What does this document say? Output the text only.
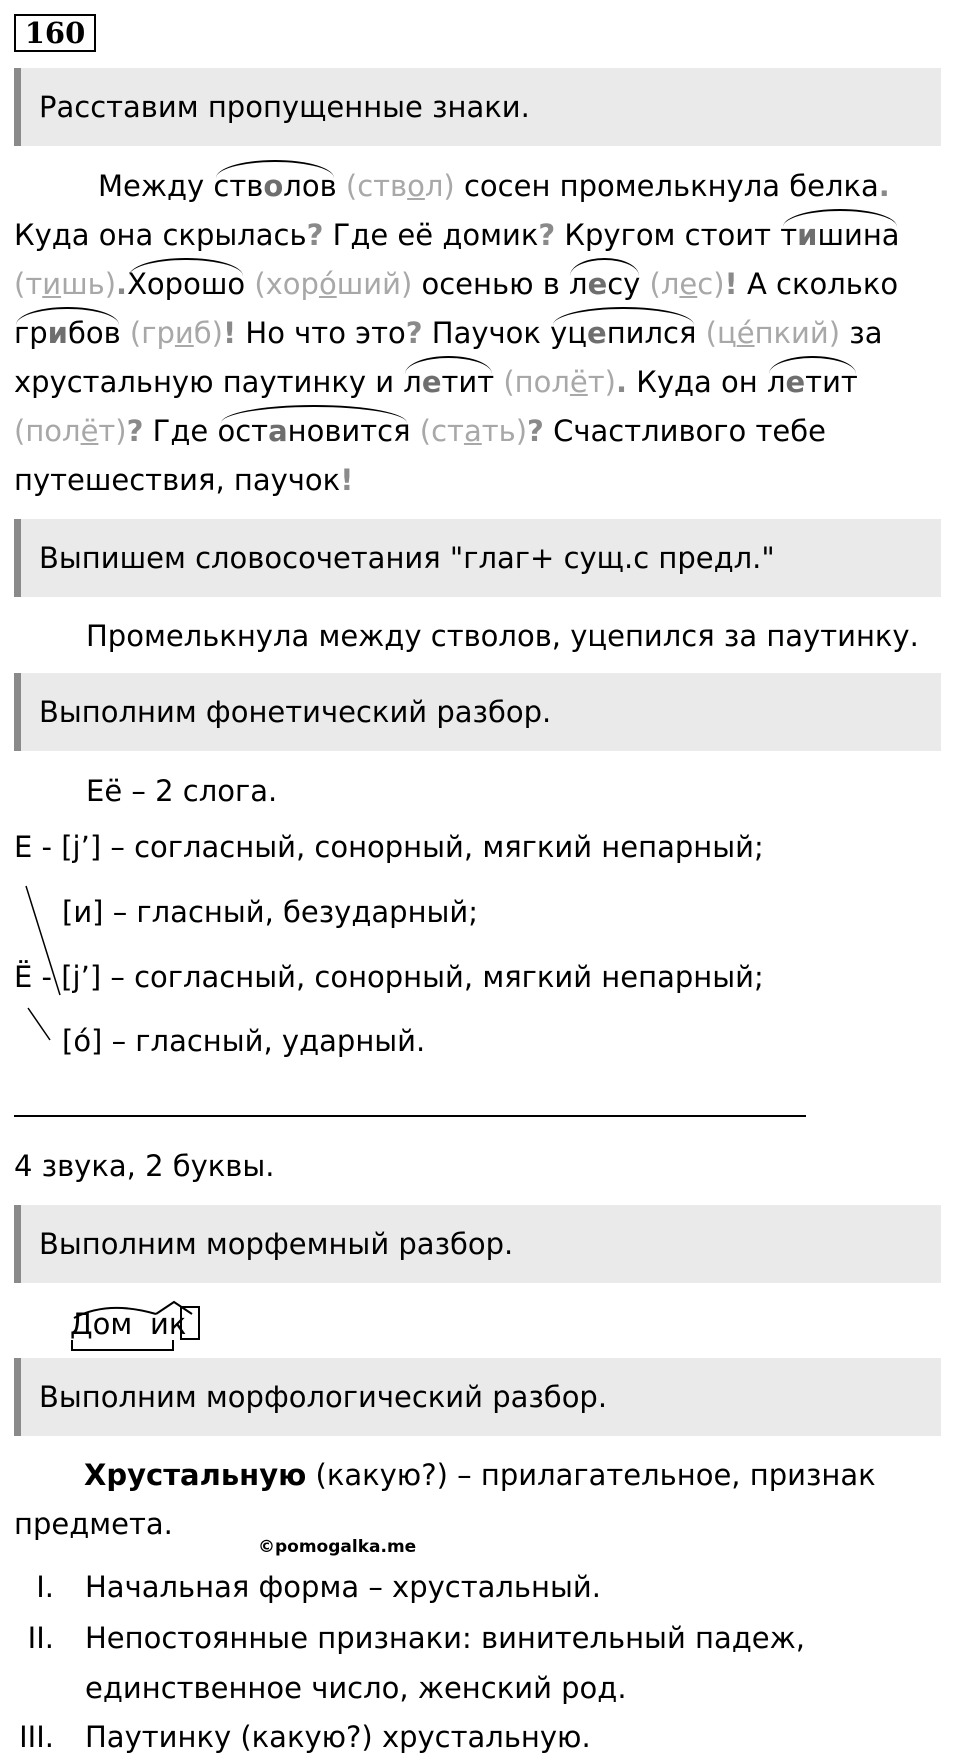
160
Расставим пропущенные знаки.
Между стволов (ствол) сосен промелькнула белка.
Куда она скрылась? Где её домик? Кругом стоит тишина
(тишь).Хорошо (хоро́ший) осенью в лесу (лес)! А сколько
грибов (гриб)! Но что это? Паучок уцепился (це́пкий) за
хрустальную паутинку и летит (полёт). Куда он летит
(полёт)? Где остановится (стать)? Счастливого тебе
путешествия, паучок!
Выпишем словосочетания "глаг+ сущ.с предл."
Промелькнула между стволов, уцепился за паутинку.
Выполним фонетический разбор.
Её – 2 слога.
Е - [j’] – согласный, сонорный, мягкий непарный;
[и] – гласный, безударный;
Ё - [j’] – согласный, сонорный, мягкий непарный;
[ó] – гласный, ударный.
4 звука, 2 буквы.
Выполним морфемный разбор.
Дом ик
Выполним морфологический разбор.
Хрустальную (какую?) – прилагательное, признак
предмета.
©pomogalka.me
I. Начальная форма – хрустальный.
II. Непостоянные признаки: винительный падеж,
единственное число, женский род.
III. Паутинку (какую?) хрустальную.
